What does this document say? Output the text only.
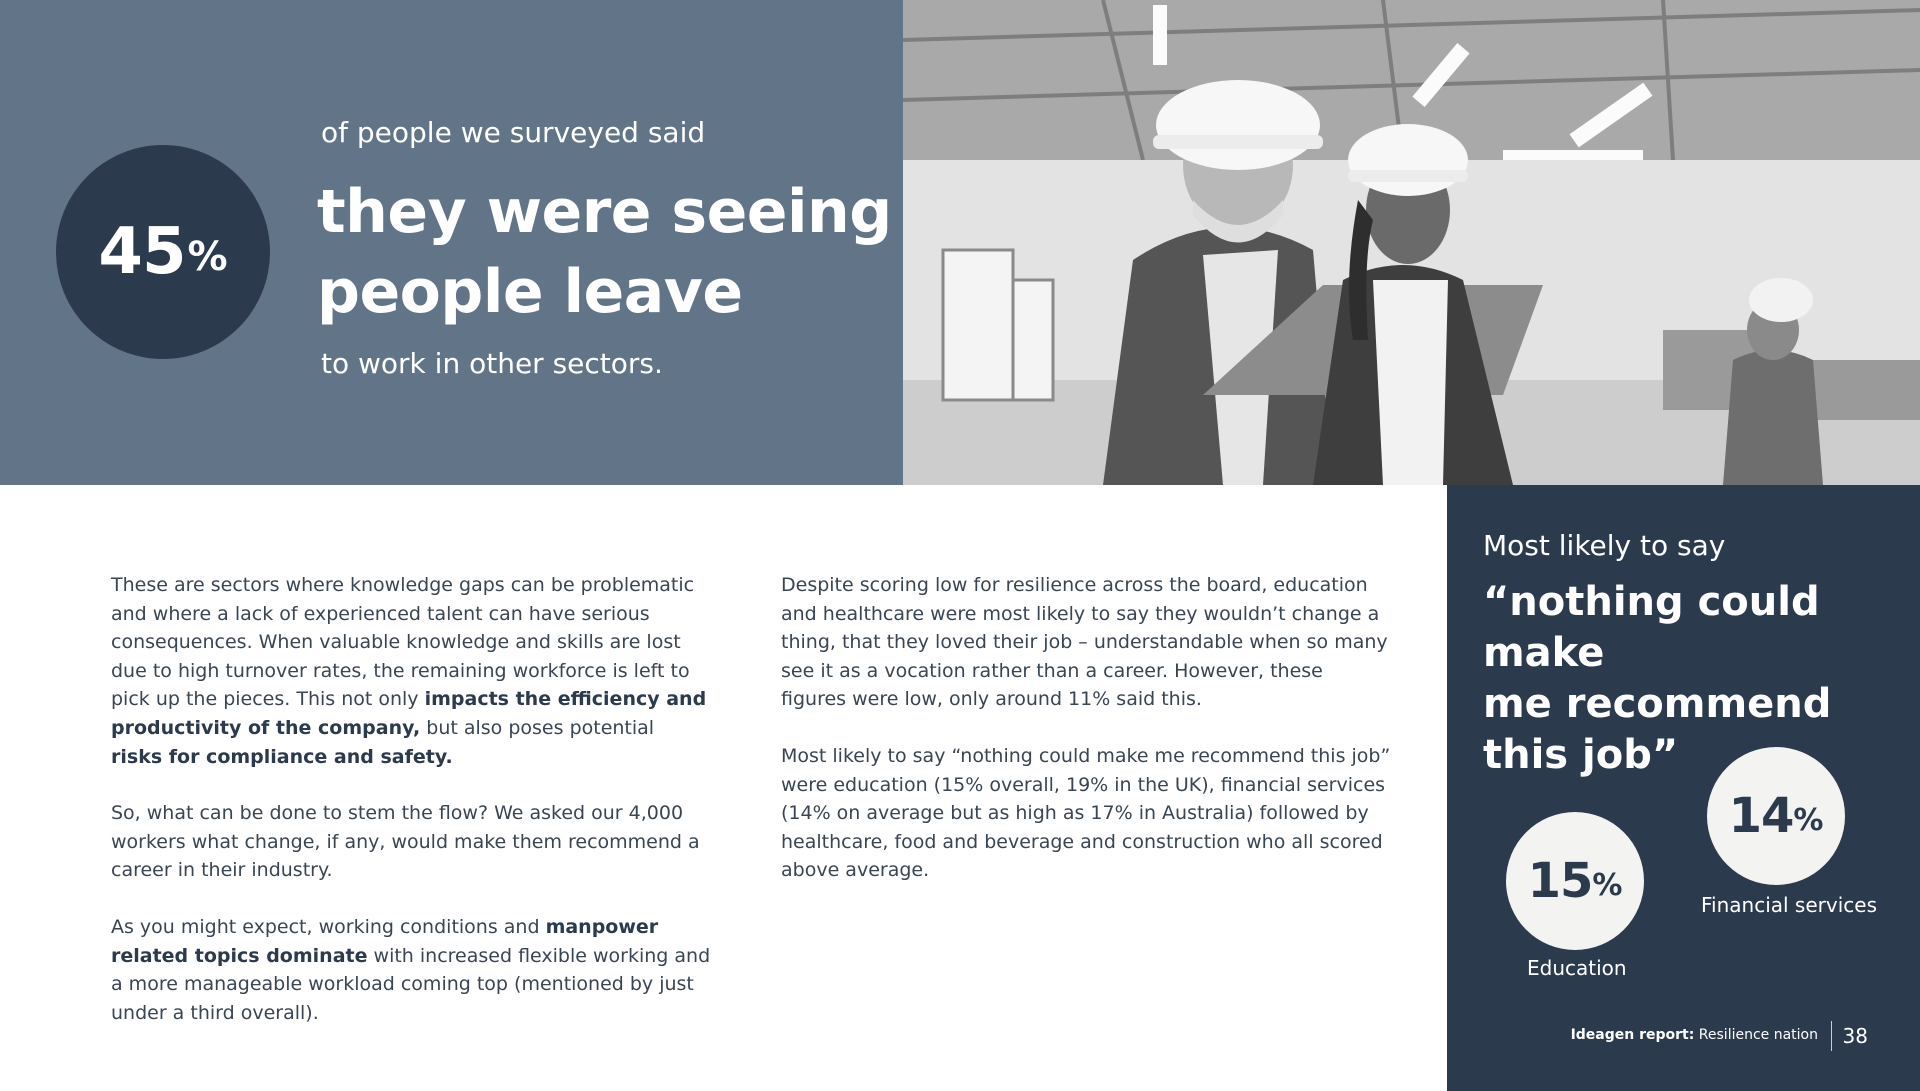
45 %
of people we surveyed said
they were seeing
people leave
to work in other sectors.

These are sectors where knowledge gaps can be problematic and where a lack of experienced talent can have serious consequences. When valuable knowledge and skills are lost due to high turnover rates, the remaining workforce is left to pick up the pieces. This not only impacts the efficiency and productivity of the company, but also poses potential risks for compliance and safety.

So, what can be done to stem the flow? We asked our 4,000 workers what change, if any, would make them recommend a career in their industry.

As you might expect, working conditions and manpower related topics dominate with increased flexible working and a more manageable workload coming top (mentioned by just under a third overall).

Despite scoring low for resilience across the board, education and healthcare were most likely to say they wouldn’t change a thing, that they loved their job – understandable when so many see it as a vocation rather than a career. However, these figures were low, only around 11% said this.

Most likely to say “nothing could make me recommend this job” were education (15% overall, 19% in the UK), financial services (14% on average but as high as 17% in Australia) followed by healthcare, food and beverage and construction who all scored above average.

Most likely to say
“nothing could make
me recommend
this job”
15 %
Education
14 %
Financial services
Ideagen report: Resilience nation 38
